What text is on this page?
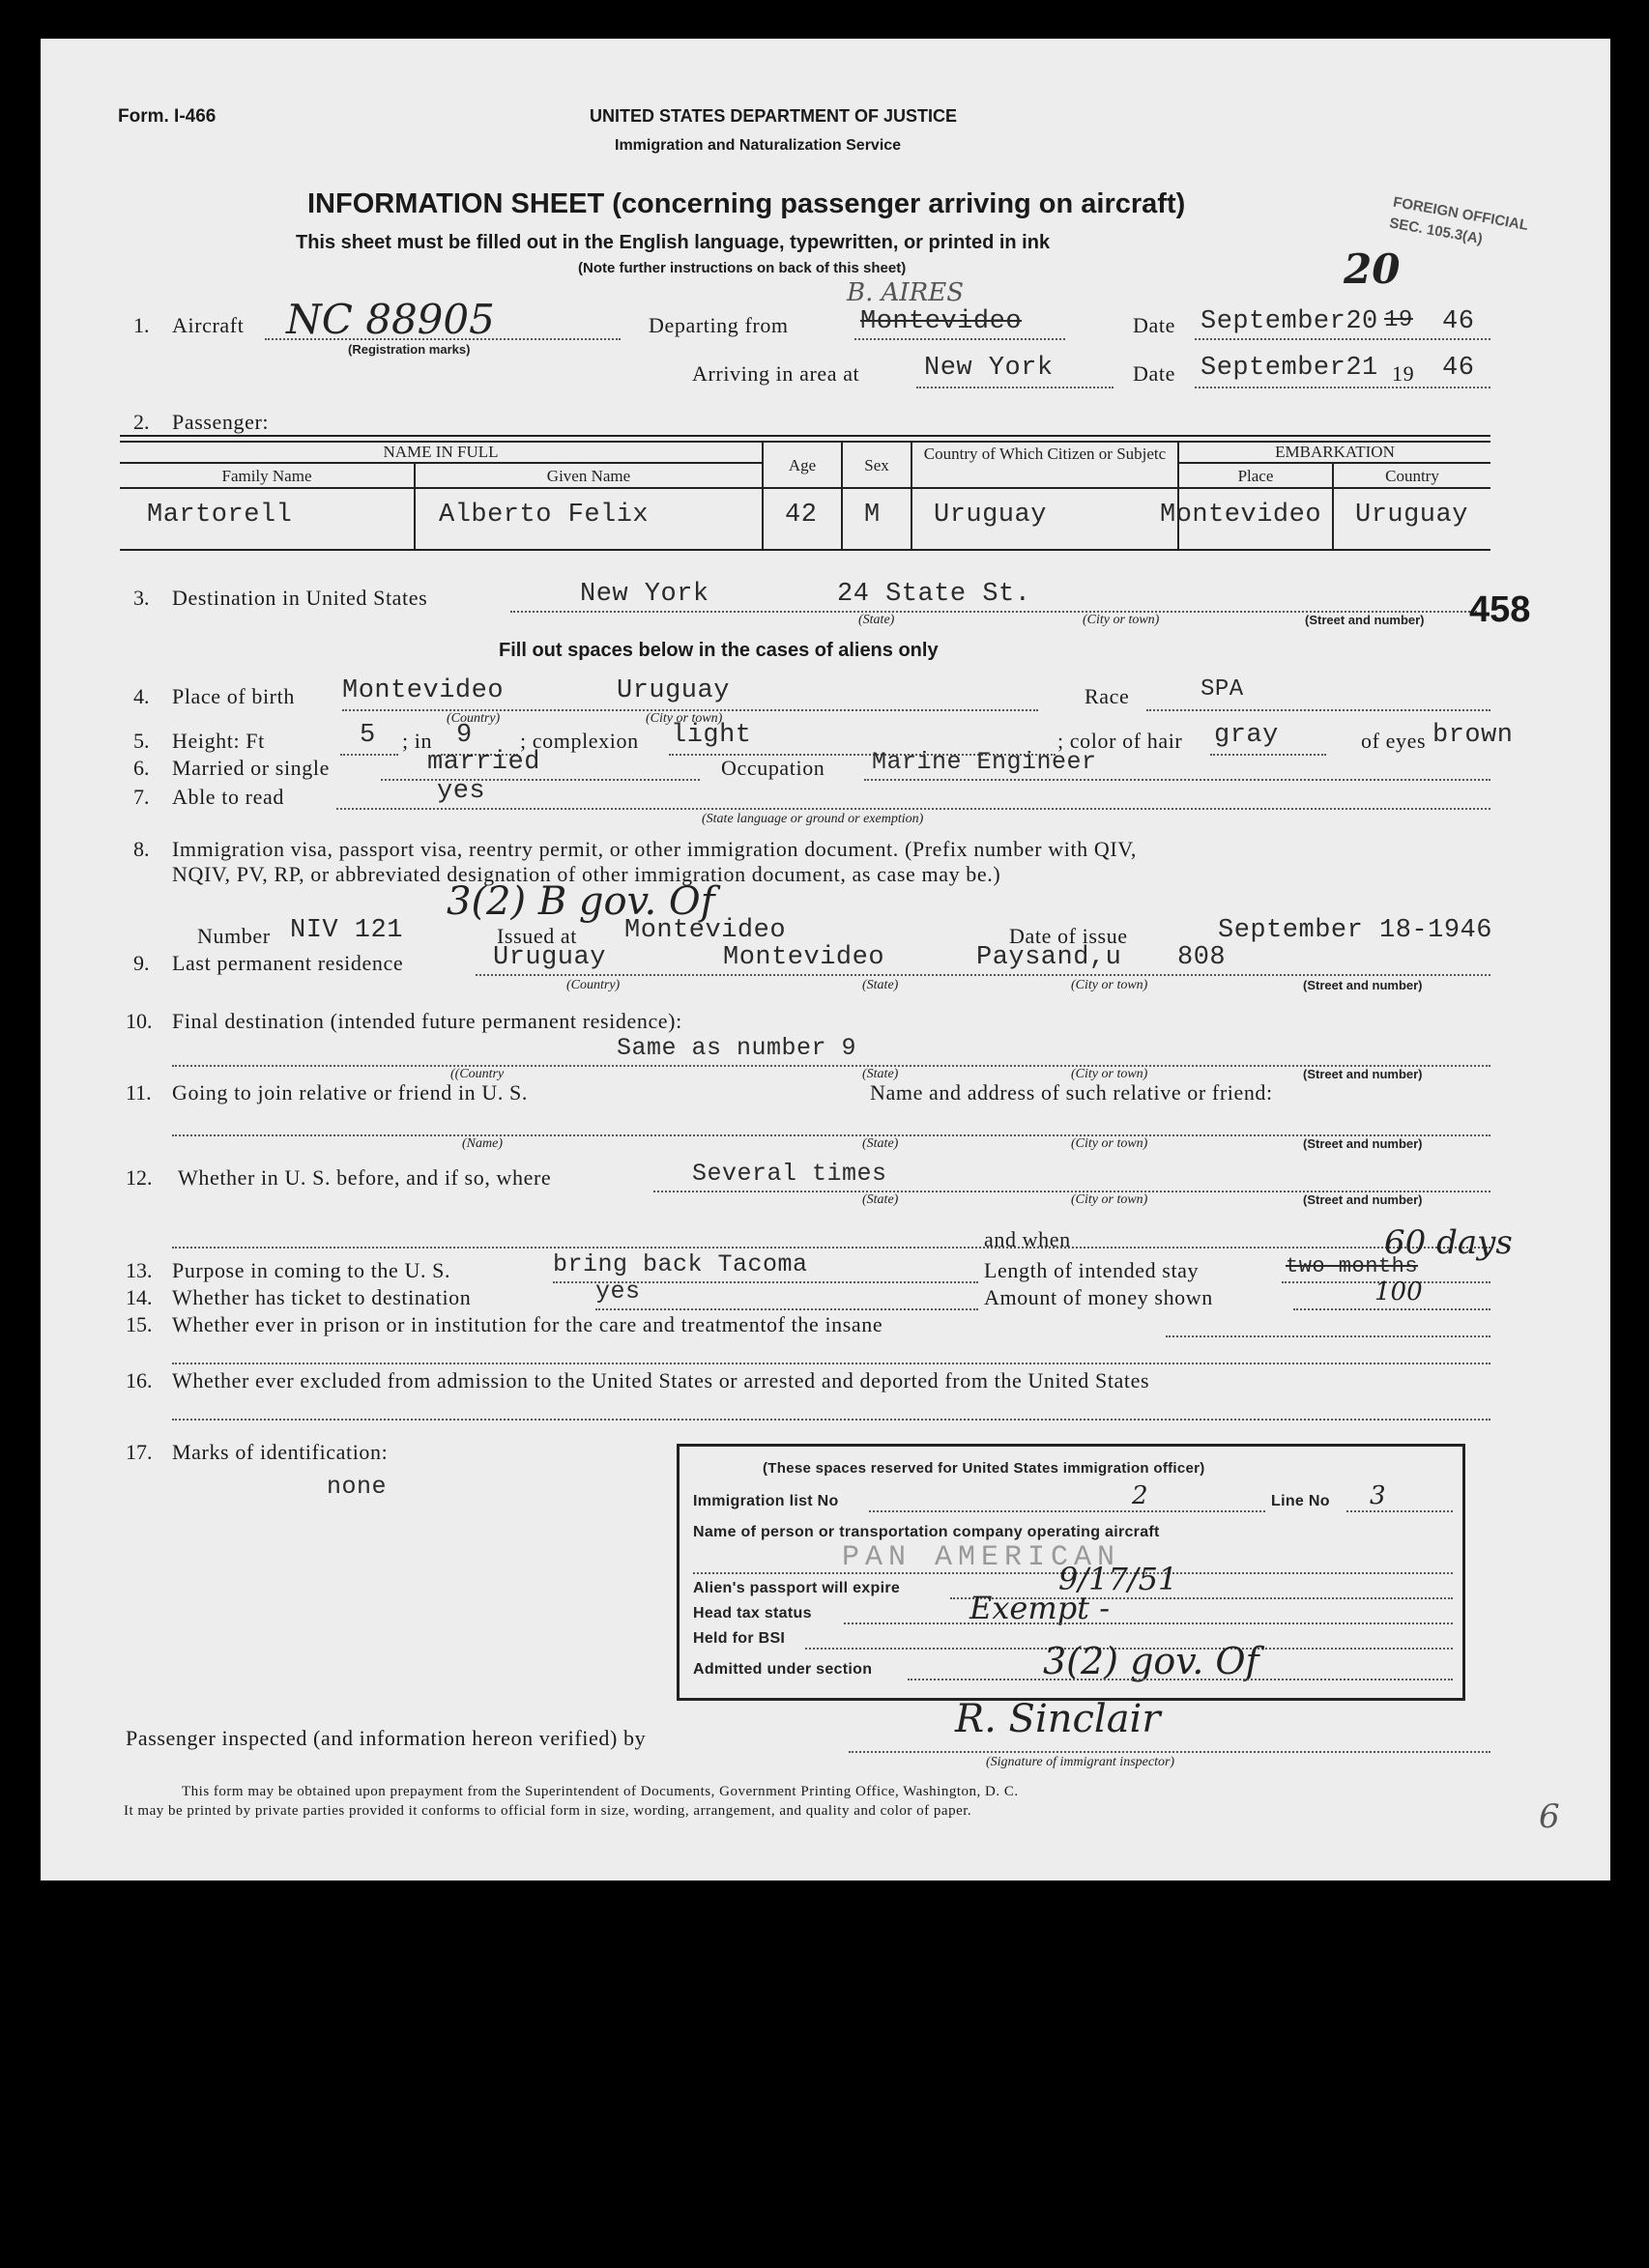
Form. I-466	UNITED STATES DEPARTMENT OF JUSTICE
Immigration and Naturalization Service
INFORMATION SHEET (concerning passenger arriving on aircraft)
This sheet must be filled out in the English language, typewritten, or printed in ink
(Note further instructions on back of this sheet)
FOREIGN OFFICIAL SEC. 105.3(A)
20
1. Aircraft NC 88905
(Registration marks)
Departing from
B. AIRES
Montevideo	Date September20 19 46
Arriving in area at New York	Date September21 19 46
2. Passenger:
NAME IN FULL
Family Name	Given Name
Age	Sex
Country of Which Citizen or Subjetc	EMBARKATION
Place	Country
Martorell	Alberto Felix	42 M Uruguay	Montevideo Uruguay
3. Destination in United States	New York	24 State St.
(State)	(City or town)	(Street and number) 458
Fill out spaces below in the cases of aliens only
4. Place of birth Montevideo	Uruguay
(Country)	(City or town)
Race	SPA
5. Height: Ft	5 ; in 9 ; complexion light	; color of hair gray	of eyes brown
6. Married or single	married	Occupation Marine Engineer
7. Able to read	yes
(State language or ground or exemption)
8. Immigration visa, passport visa, reentry permit, or other immigration document. (Prefix number with QIV,
NQIV, PV, RP, or abbreviated designation of other immigration document, as case may be.)
3(2) B gov. Of
Number NIV 121	Issued at Montevideo	Date of issue	September 18-1946
9. Last permanent residence	Uruguay	Montevideo	Paysand,u 808
(Country)	(State)	(City or town)	(Street and number)
10. Final destination (intended future permanent residence):
Same as number 9
((Country	(State)	(City or town)	(Street and number)
11. Going to join relative or friend in U. S.	Name and address of such relative or friend:
(Name)	(State)	(City or town)	(Street and number)
12. Whether in U. S. before, and if so, where	Several times
(State)	(City or town)	(Street and number)
and when
13. Purpose in coming to the U. S.	bring back Tacoma	Length of intended stay	two months
60 days
14. Whether has ticket to destination	yes	Amount of money shown	100
15. Whether ever in prison or in institution for the care and treatmentof the insane
16. Whether ever excluded from admission to the United States or arrested and deported from the United States
17. Marks of identification:
none
(These spaces reserved for United States immigration officer)
Immigration list No	2	Line No 3
Name of person or transportation company operating aircraft
PAN AMERICAN
Alien's passport will expire	9/17/51
Head tax status	Exempt -
Held for BSI
Admitted under section	3(2) gov. Of
Passenger inspected (and information hereon verified) by	R. Sinclair
(Signature of immigrant inspector)
This form may be obtained upon prepayment from the Superintendent of Documents, Government Printing Office, Washington, D. C.
It may be printed by private parties provided it conforms to official form in size, wording, arrangement, and quality and color of paper.	6
